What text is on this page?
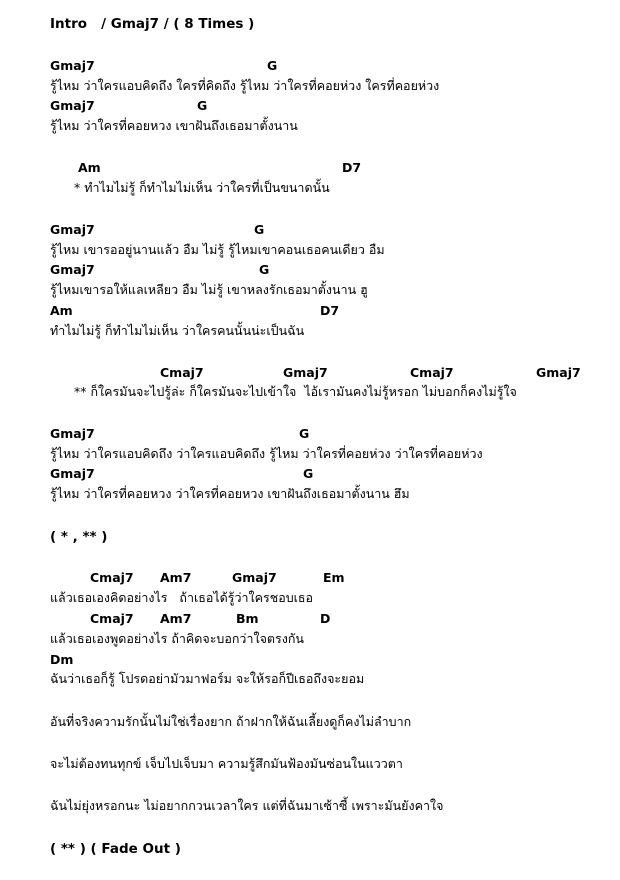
Intro   / Gmaj7 / ( 8 Times )
Gmaj7	G
รู้ไหม ว่าใครแอบคิดถึง ใครที่คิดถึง รู้ไหม ว่าใครที่คอยห่วง ใครที่คอยห่วง
Gmaj7	G
รู้ไหม ว่าใครที่คอยหวง เขาฝันถึงเธอมาตั้งนาน
Am	D7
* ทำไมไม่รู้ ก็ทำไมไม่เห็น ว่าใครที่เป็นขนาดนั้น
Gmaj7	G
รู้ไหม เขารออยู่นานแล้ว อืม ไม่รู้ รู้ไหมเขาคอนเธอคนเดียว อืม
Gmaj7	G
รู้ไหมเขารอให้แลเหลียว อืม ไม่รู้ เขาหลงรักเธอมาตั้งนาน ฮู
Am	D7
ทำไมไม่รู้ ก็ทำไมไม่เห็น ว่าใครคนนั้นน่ะเป็นฉัน
Cmaj7	Gmaj7	Cmaj7	Gmaj7
** ก็ใครมันจะไปรู้ล่ะ ก็ใครมันจะไปเข้าใจ  ไอ้เรามันคงไม่รู้หรอก ไม่บอกก็คงไม่รู้ใจ
Gmaj7	G
รู้ไหม ว่าใครแอบคิดถึง ว่าใครแอบคิดถึง รู้ไหม ว่าใครที่คอยห่วง ว่าใครที่คอยห่วง
Gmaj7	G
รู้ไหม ว่าใครที่คอยหวง ว่าใครที่คอยหวง เขาฝันถึงเธอมาตั้งนาน ฮึม
( * , ** )
Cmaj7 Am7	Gmaj7	Em
แล้วเธอเองคิดอย่างไร   ถ้าเธอได้รู้ว่าใครชอบเธอ
Cmaj7 Am7	Bm	D
แล้วเธอเองพูดอย่างไร ถ้าคิดจะบอกว่าใจตรงกัน
Dm
ฉันว่าเธอก็รู้ โปรดอย่ามัวมาฟอร์ม จะให้รอก็ปีเธอถึงจะยอม
อันที่จริงความรักนั้นไม่ใช่เรื่องยาก ถ้าฝากให้ฉันเลี้ยงดูก็คงไม่ลำบาก
จะไม่ต้องทนทุกข์ เจ็บไปเจ็บมา ความรู้สึกมันฟ้องมันซ่อนในแววตา
ฉันไม่ยุ่งหรอกนะ ไม่อยากกวนเวลาใคร แต่ที่ฉันมาเซ้าซี้ เพราะมันยังคาใจ
( ** ) ( Fade Out )
